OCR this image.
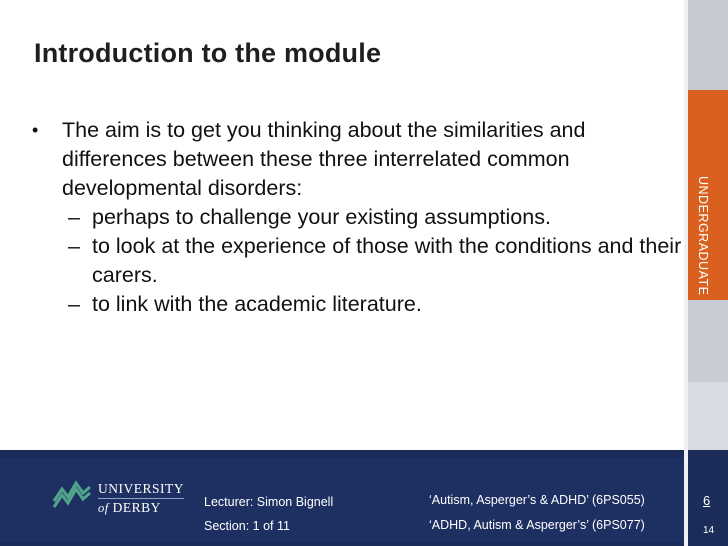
Introduction to the module
•	The aim is to get you thinking about the similarities and differences between these three interrelated common developmental disorders:
– perhaps to challenge your existing assumptions.
– to look at the experience of those with the conditions and their carers.
– to link with the academic literature.
UNDERGRADUATE
UNIVERSITY
of DERBY	Lecturer: Simon Bignell
Section: 1 of 11
‘Autism, Asperger’s & ADHD’ (6PS055)
‘ADHD, Autism & Asperger’s’ (6PS077)
6
14
